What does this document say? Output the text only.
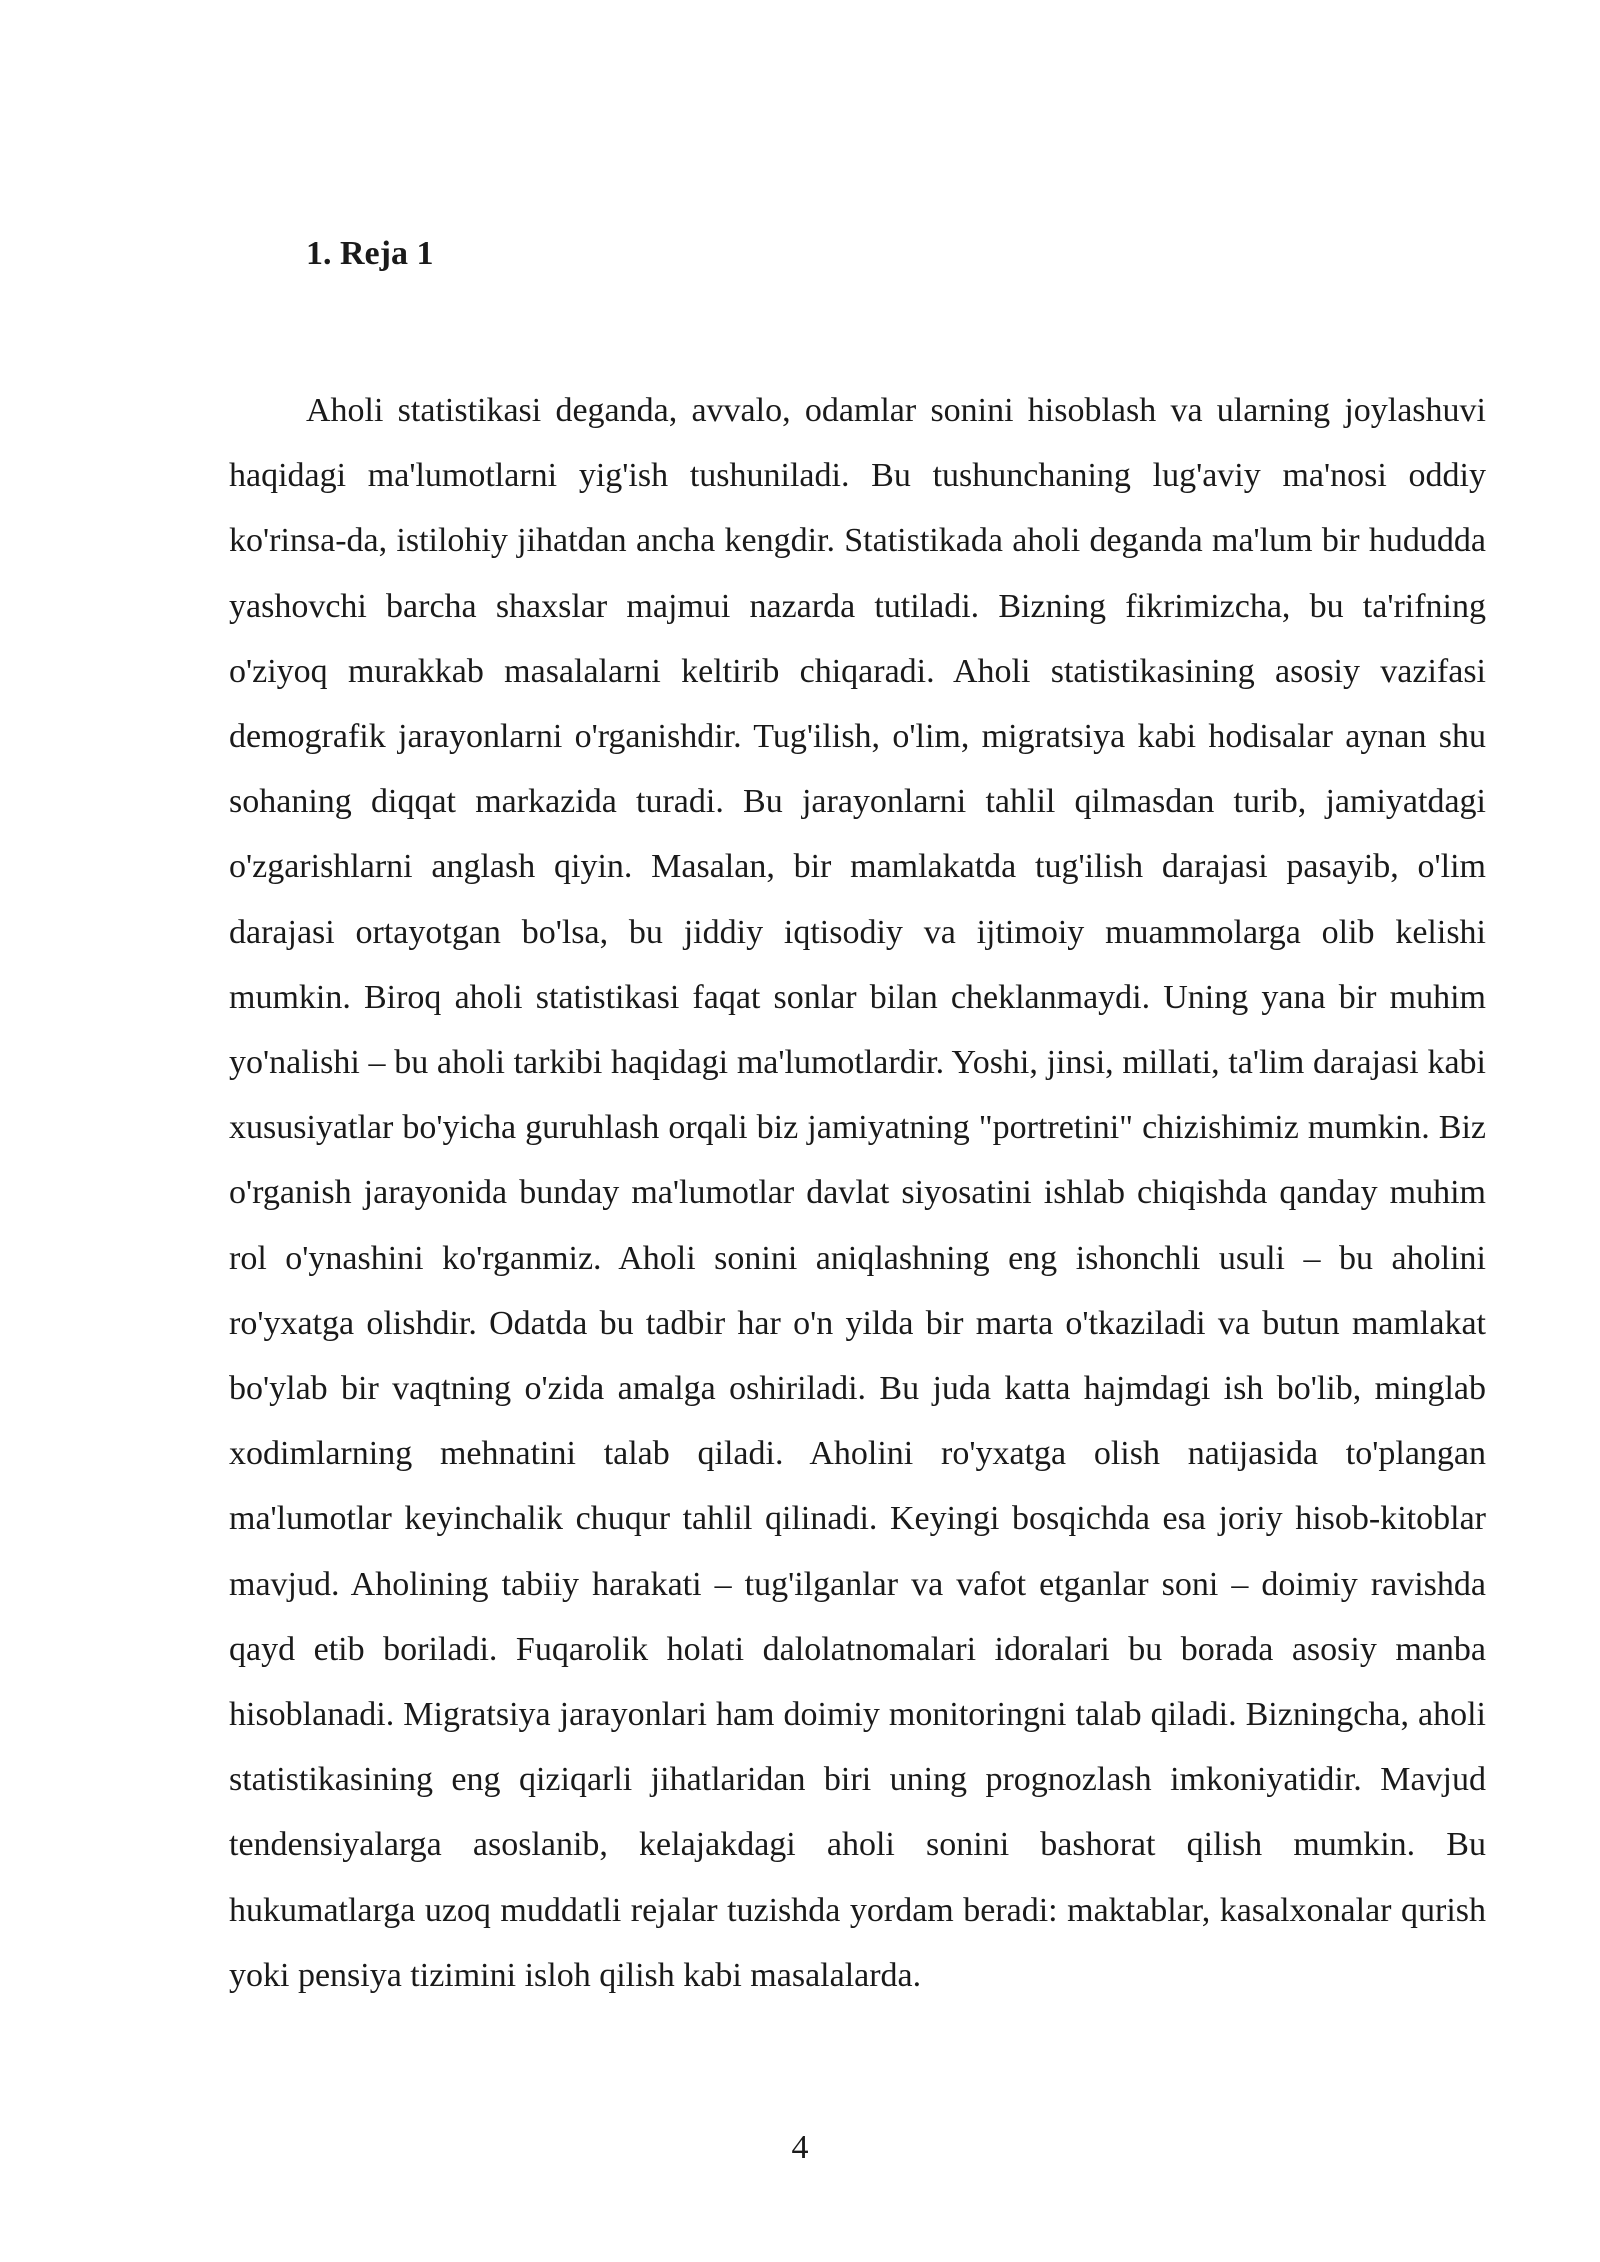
1. Reja 1

Aholi statistikasi deganda, avvalo, odamlar sonini hisoblash va ularning joylashuvi haqidagi ma'lumotlarni yig'ish tushuniladi. Bu tushunchaning lug'aviy ma'nosi oddiy ko'rinsa-da, istilohiy jihatdan ancha kengdir. Statistikada aholi deganda ma'lum bir hududda yashovchi barcha shaxslar majmui nazarda tutiladi. Bizning fikrimizcha, bu ta'rifning o'ziyoq murakkab masalalarni keltirib chiqaradi. Aholi statistikasining asosiy vazifasi demografik jarayonlarni o'rganishdir. Tug'ilish, o'lim, migratsiya kabi hodisalar aynan shu sohaning diqqat markazida turadi. Bu jarayonlarni tahlil qilmasdan turib, jamiyatdagi o'zgarishlarni anglash qiyin. Masalan, bir mamlakatda tug'ilish darajasi pasayib, o'lim darajasi ortayotgan bo'lsa, bu jiddiy iqtisodiy va ijtimoiy muammolarga olib kelishi mumkin. Biroq aholi statistikasi faqat sonlar bilan cheklanmaydi. Uning yana bir muhim yo'nalishi – bu aholi tarkibi haqidagi ma'lumotlardir. Yoshi, jinsi, millati, ta'lim darajasi kabi xususiyatlar bo'yicha guruhlash orqali biz jamiyatning "portretini" chizishimiz mumkin. Biz o'rganish jarayonida bunday ma'lumotlar davlat siyosatini ishlab chiqishda qanday muhim rol o'ynashini ko'rganmiz. Aholi sonini aniqlashning eng ishonchli usuli – bu aholini ro'yxatga olishdir. Odatda bu tadbir har o'n yilda bir marta o'tkaziladi va butun mamlakat bo'ylab bir vaqtning o'zida amalga oshiriladi. Bu juda katta hajmdagi ish bo'lib, minglab xodimlarning mehnatini talab qiladi. Aholini ro'yxatga olish natijasida to'plangan ma'lumotlar keyinchalik chuqur tahlil qilinadi. Keyingi bosqichda esa joriy hisob-kitoblar mavjud. Aholining tabiiy harakati – tug'ilganlar va vafot etganlar soni – doimiy ravishda qayd etib boriladi. Fuqarolik holati dalolatnomalari idoralari bu borada asosiy manba hisoblanadi. Migratsiya jarayonlari ham doimiy monitoringni talab qiladi. Bizningcha, aholi statistikasining eng qiziqarli jihatlaridan biri uning prognozlash imkoniyatidir. Mavjud tendensiyalarga asoslanib, kelajakdagi aholi sonini bashorat qilish mumkin. Bu hukumatlarga uzoq muddatli rejalar tuzishda yordam beradi: maktablar, kasalxonalar qurish yoki pensiya tizimini isloh qilish kabi masalalarda.

4
